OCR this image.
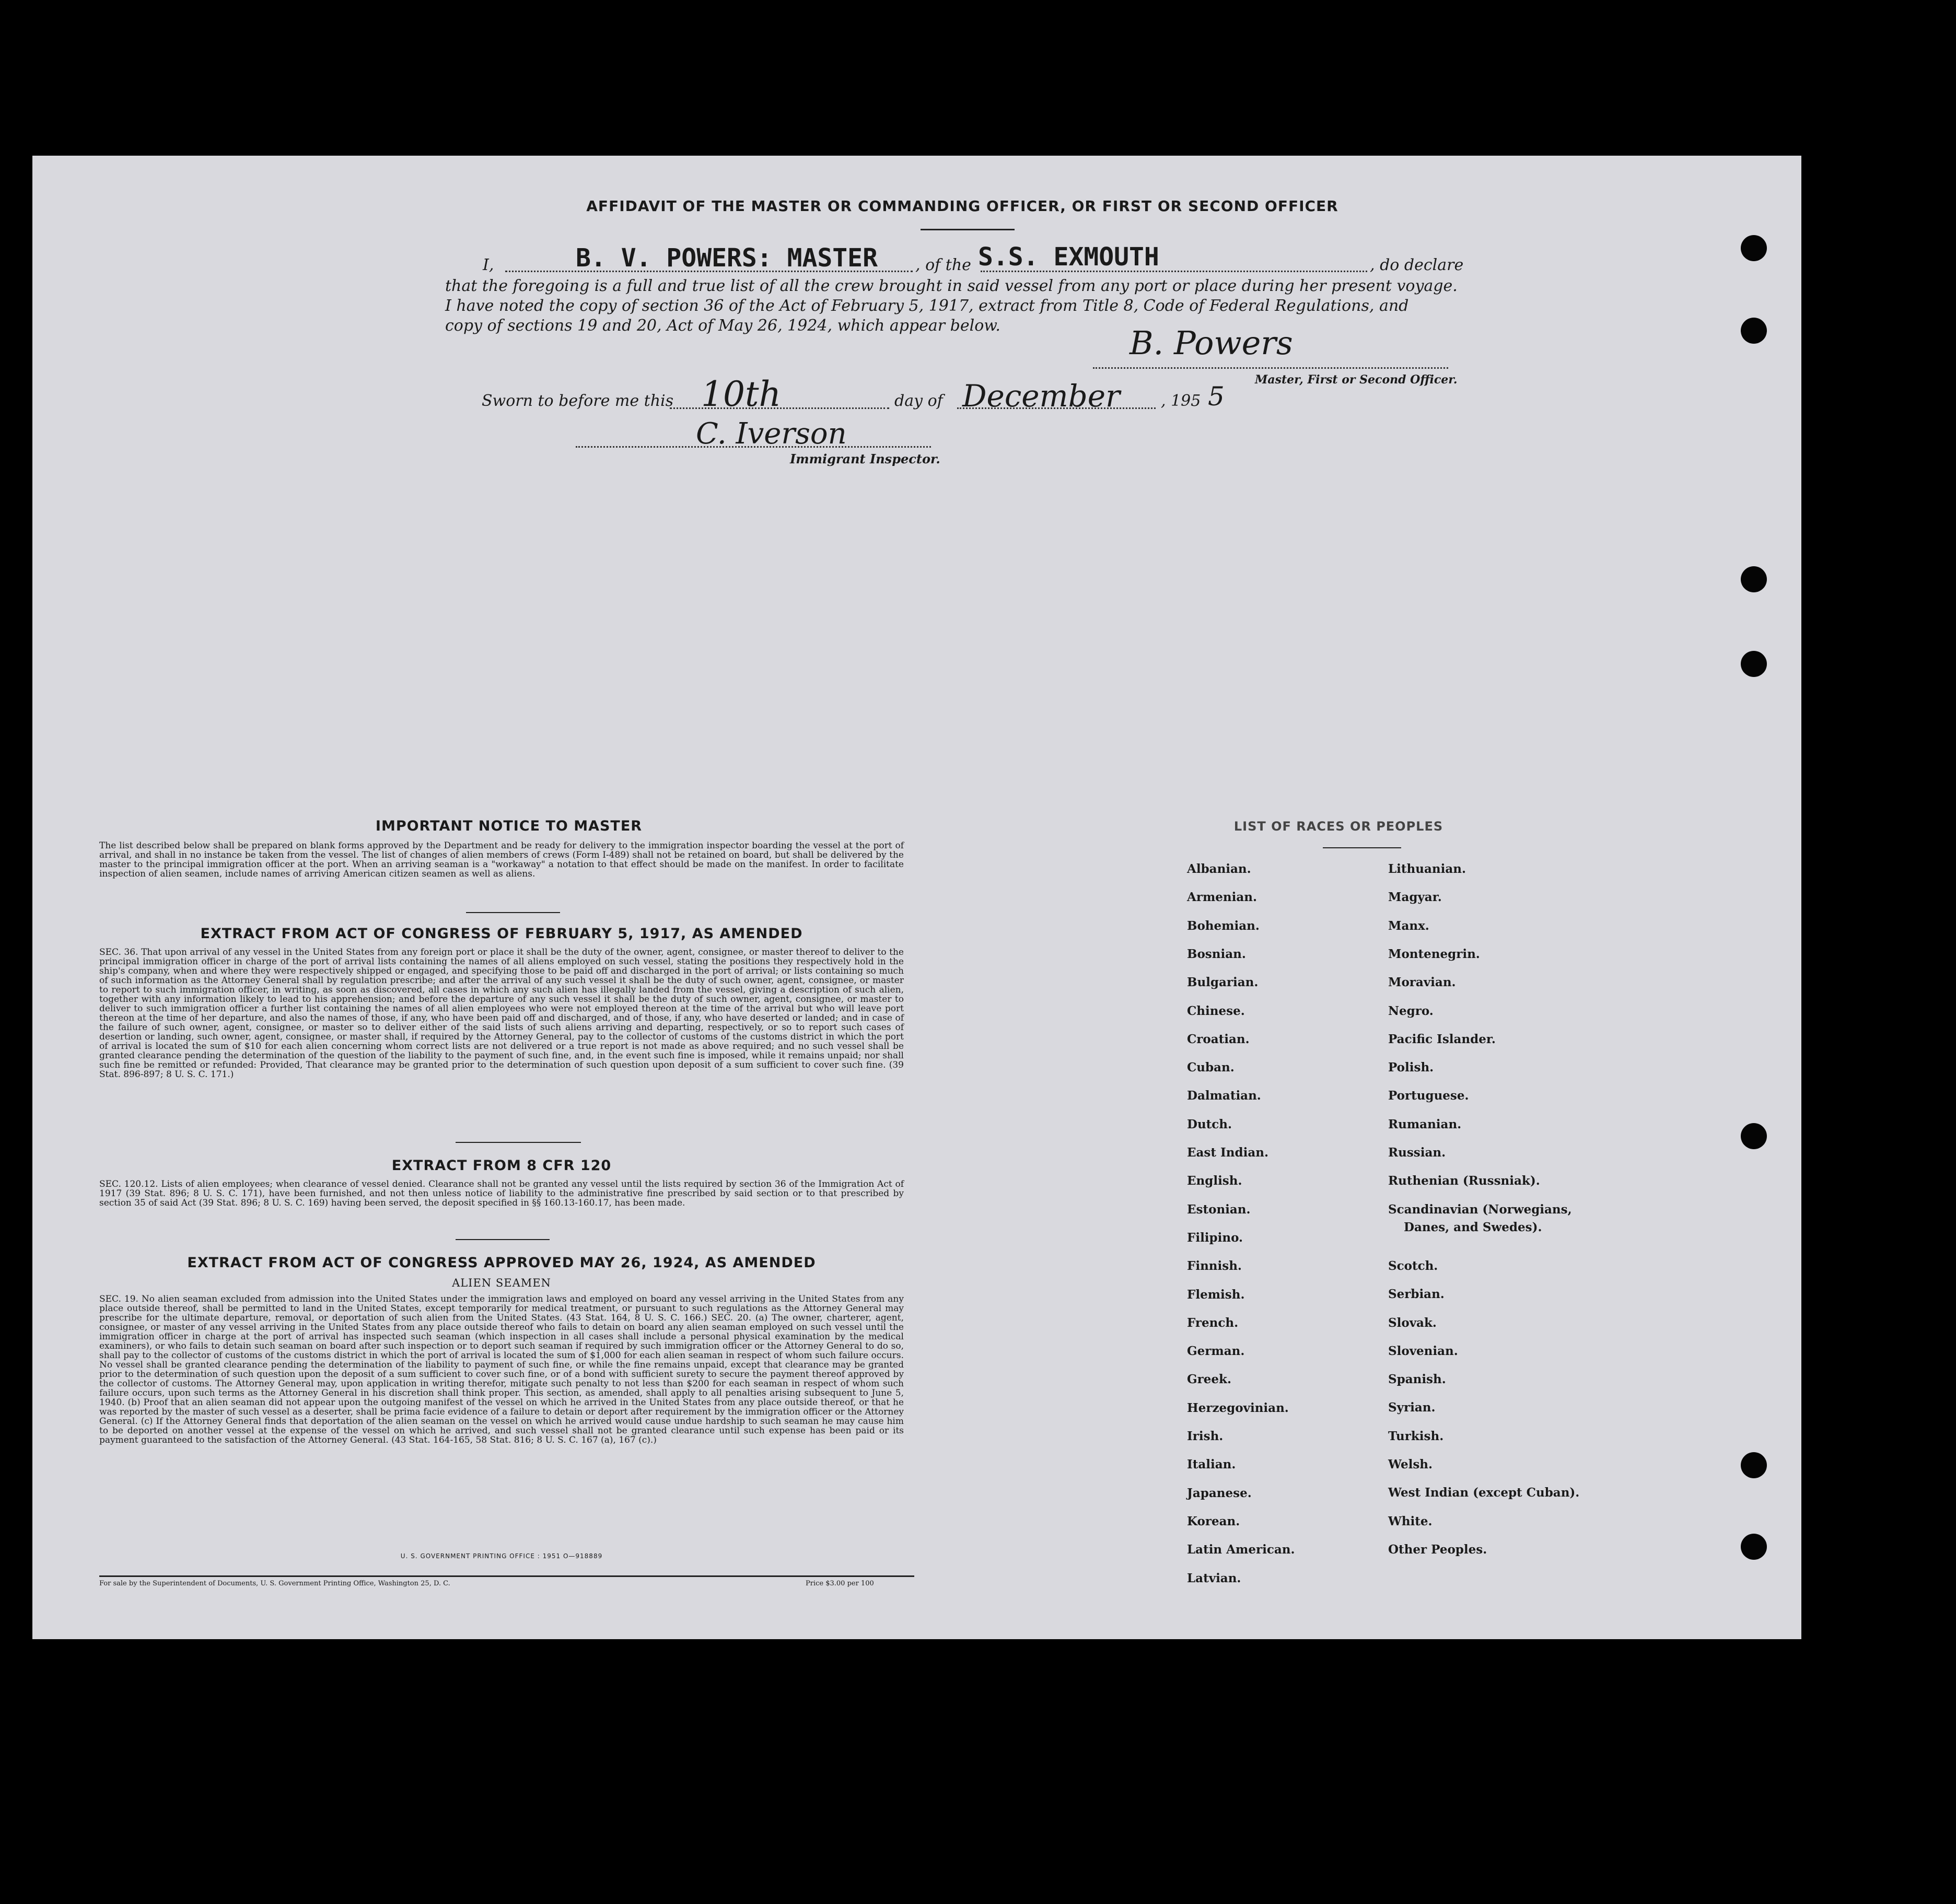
AFFIDAVIT OF THE MASTER OR COMMANDING OFFICER, OR FIRST OR SECOND OFFICER
I,	B. V. POWERS: MASTER , of the S.S. EXMOUTH	, do declare
that the foregoing is a full and true list of all the crew brought in said vessel from any port or place during her present voyage.
I have noted the copy of section 36 of the Act of February 5, 1917, extract from Title 8, Code of Federal Regulations, and
copy of sections 19 and 20, Act of May 26, 1924, which appear below.	B. Powers
Master, First or Second Officer.
Sworn to before me this 10th	day of December	, 195 5
C. Iverson
Immigrant Inspector.
IMPORTANT NOTICE TO MASTER
The list described below shall be prepared on blank forms approved by the Department and be ready for delivery to the immigration inspector boarding the vessel at the port of arrival, and shall in no instance be taken from the vessel. The list of changes of alien members of crews (Form I-489) shall not be retained on board, but shall be delivered by the master to the principal immigration officer at the port. When an arriving seaman is a "workaway" a notation to that effect should be made on the manifest. In order to facilitate inspection of alien seamen, include names of arriving American citizen seamen as well as aliens.
EXTRACT FROM ACT OF CONGRESS OF FEBRUARY 5, 1917, AS AMENDED
SEC. 36. That upon arrival of any vessel in the United States from any foreign port or place it shall be the duty of the owner, agent, consignee, or master thereof to deliver to the principal immigration officer in charge of the port of arrival lists containing the names of all aliens employed on such vessel, stating the positions they respectively hold in the ship's company, when and where they were respectively shipped or engaged, and specifying those to be paid off and discharged in the port of arrival; or lists containing so much of such information as the Attorney General shall by regulation prescribe; and after the arrival of any such vessel it shall be the duty of such owner, agent, consignee, or master to report to such immigration officer, in writing, as soon as discovered, all cases in which any such alien has illegally landed from the vessel, giving a description of such alien, together with any information likely to lead to his apprehension; and before the departure of any such vessel it shall be the duty of such owner, agent, consignee, or master to deliver to such immigration officer a further list containing the names of all alien employees who were not employed thereon at the time of the arrival but who will leave port thereon at the time of her departure, and also the names of those, if any, who have been paid off and discharged, and of those, if any, who have deserted or landed; and in case of the failure of such owner, agent, consignee, or master so to deliver either of the said lists of such aliens arriving and departing, respectively, or so to report such cases of desertion or landing, such owner, agent, consignee, or master shall, if required by the Attorney General, pay to the collector of customs of the customs district in which the port of arrival is located the sum of $10 for each alien concerning whom correct lists are not delivered or a true report is not made as above required; and no such vessel shall be granted clearance pending the determination of the question of the liability to the payment of such fine, and, in the event such fine is imposed, while it remains unpaid; nor shall such fine be remitted or refunded: Provided, That clearance may be granted prior to the determination of such question upon deposit of a sum sufficient to cover such fine. (39 Stat. 896-897; 8 U. S. C. 171.)
EXTRACT FROM 8 CFR 120
SEC. 120.12. Lists of alien employees; when clearance of vessel denied. Clearance shall not be granted any vessel until the lists required by section 36 of the Immigration Act of 1917 (39 Stat. 896; 8 U. S. C. 171), have been furnished, and not then unless notice of liability to the administrative fine prescribed by said section or to that prescribed by section 35 of said Act (39 Stat. 896; 8 U. S. C. 169) having been served, the deposit specified in §§ 160.13-160.17, has been made.
EXTRACT FROM ACT OF CONGRESS APPROVED MAY 26, 1924, AS AMENDED
ALIEN SEAMEN
SEC. 19. No alien seaman excluded from admission into the United States under the immigration laws and employed on board any vessel arriving in the United States from any place outside thereof, shall be permitted to land in the United States, except temporarily for medical treatment, or pursuant to such regulations as the Attorney General may prescribe for the ultimate departure, removal, or deportation of such alien from the United States. (43 Stat. 164, 8 U. S. C. 166.) SEC. 20. (a) The owner, charterer, agent, consignee, or master of any vessel arriving in the United States from any place outside thereof who fails to detain on board any alien seaman employed on such vessel until the immigration officer in charge at the port of arrival has inspected such seaman (which inspection in all cases shall include a personal physical examination by the medical examiners), or who fails to detain such seaman on board after such inspection or to deport such seaman if required by such immigration officer or the Attorney General to do so, shall pay to the collector of customs of the customs district in which the port of arrival is located the sum of $1,000 for each alien seaman in respect of whom such failure occurs. No vessel shall be granted clearance pending the determination of the liability to payment of such fine, or while the fine remains unpaid, except that clearance may be granted prior to the determination of such question upon the deposit of a sum sufficient to cover such fine, or of a bond with sufficient surety to secure the payment thereof approved by the collector of customs. The Attorney General may, upon application in writing therefor, mitigate such penalty to not less than $200 for each seaman in respect of whom such failure occurs, upon such terms as the Attorney General in his discretion shall think proper. This section, as amended, shall apply to all penalties arising subsequent to June 5, 1940. (b) Proof that an alien seaman did not appear upon the outgoing manifest of the vessel on which he arrived in the United States from any place outside thereof, or that he was reported by the master of such vessel as a deserter, shall be prima facie evidence of a failure to detain or deport after requirement by the immigration officer or the Attorney General. (c) If the Attorney General finds that deportation of the alien seaman on the vessel on which he arrived would cause undue hardship to such seaman he may cause him to be deported on another vessel at the expense of the vessel on which he arrived, and such vessel shall not be granted clearance until such expense has been paid or its payment guaranteed to the satisfaction of the Attorney General. (43 Stat. 164-165, 58 Stat. 816; 8 U. S. C. 167 (a), 167 (c).)
U. S. GOVERNMENT PRINTING OFFICE : 1951 O—918889
For sale by the Superintendent of Documents, U. S. Government Printing Office, Washington 25, D. C.	Price $3.00 per 100
LIST OF RACES OR PEOPLES
Albanian.
Armenian.
Bohemian.
Bosnian.
Bulgarian.
Chinese.
Croatian.
Cuban.
Dalmatian.
Dutch.
East Indian.
English.
Estonian.
Filipino.
Finnish.
Flemish.
French.
German.
Greek.
Herzegovinian.
Irish.
Italian.
Japanese.
Korean.
Latin American.
Latvian.
Lithuanian.
Magyar.
Manx.
Montenegrin.
Moravian.
Negro.
Pacific Islander.
Polish.
Portuguese.
Rumanian.
Russian.
Ruthenian (Russniak).
Scandinavian (Norwegians,
Danes, and Swedes).
Scotch.
Serbian.
Slovak.
Slovenian.
Spanish.
Syrian.
Turkish.
Welsh.
West Indian (except Cuban).
White.
Other Peoples.
